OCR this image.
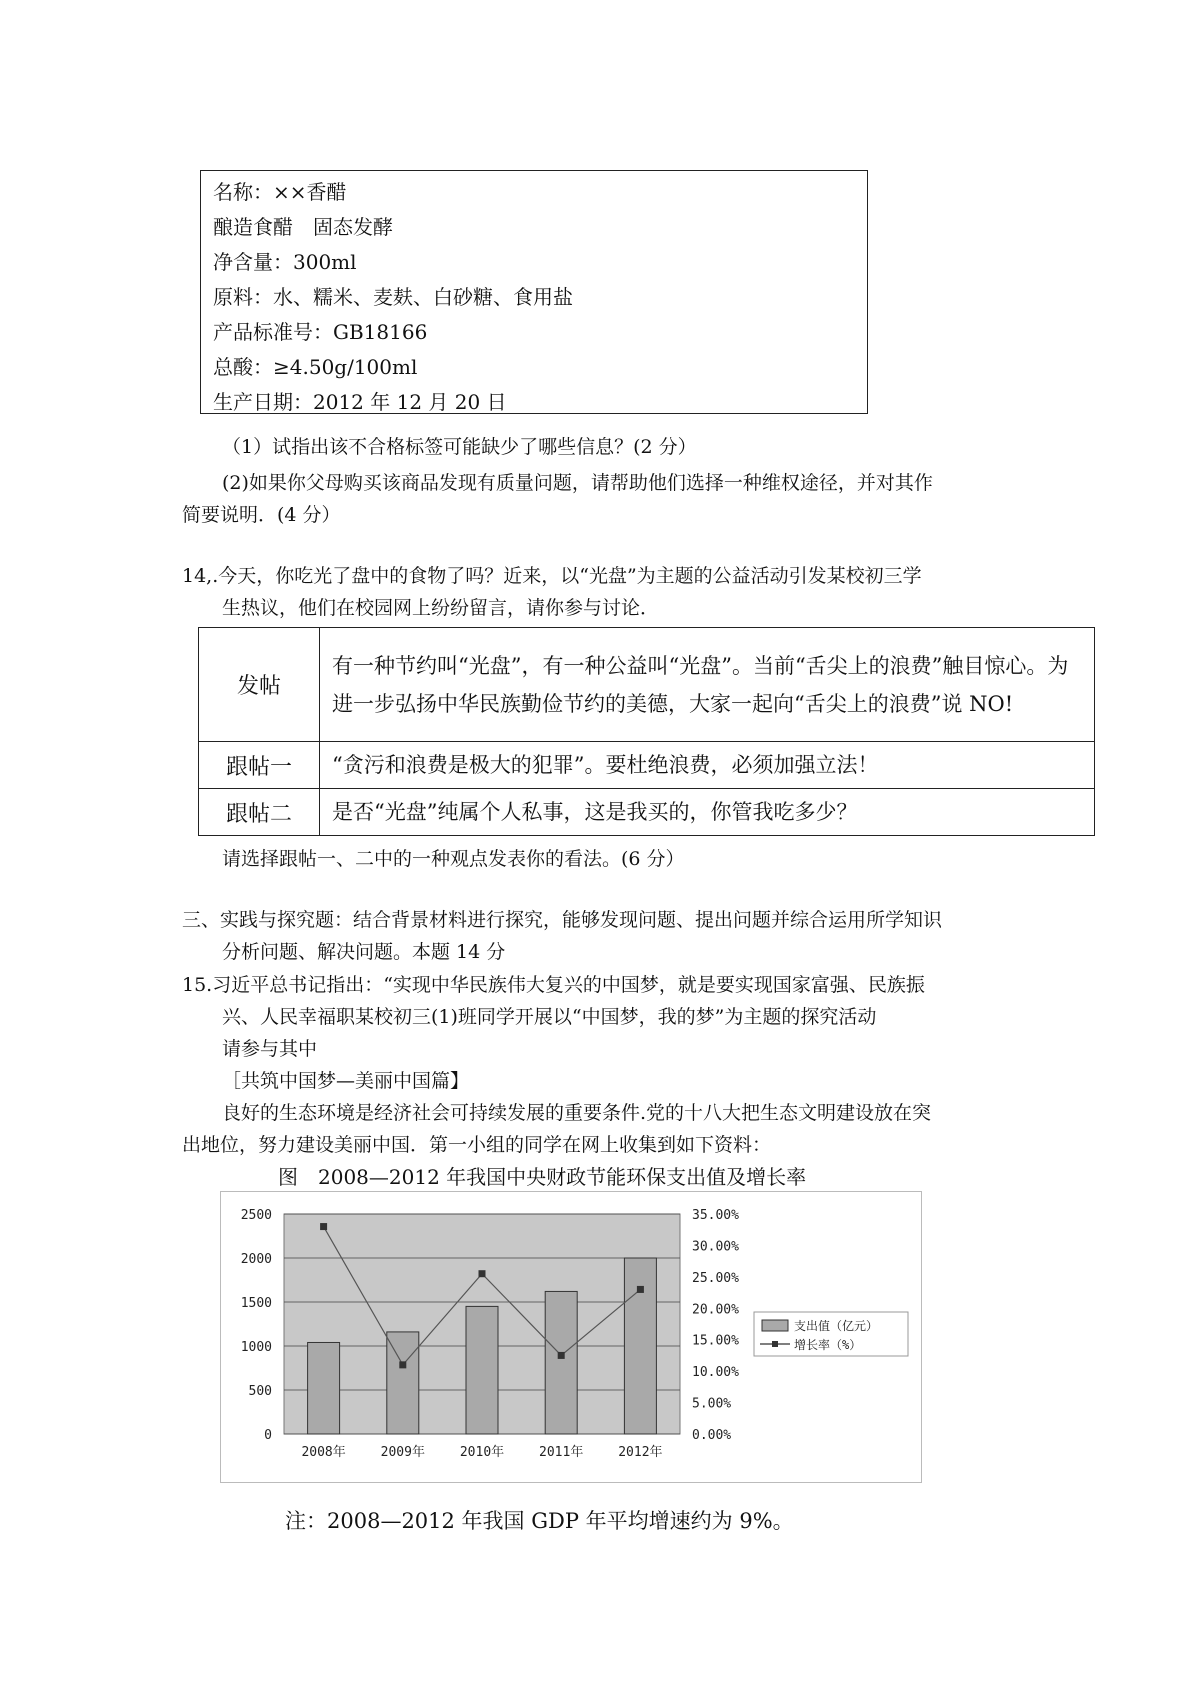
名称：××香醋
酿造食醋　固态发酵
净含量：300ml
原料：水、糯米、麦麸、白砂糖、食用盐
产品标准号：GB18166
总酸：≥4.50g/100ml
生产日期：2012 年 12 月 20 日
（1）试指出该不合格标签可能缺少了哪些信息？(2 分）
(2)如果你父母购买该商品发现有质量问题，请帮助他们选择一种维权途径，并对其作
简要说明．(4 分）
14,.今天，你吃光了盘中的食物了吗？近来，以“光盘”为主题的公益活动引发某校初三学
生热议，他们在校园网上纷纷留言，请你参与讨论．
发帖	有一种节约叫“光盘”，有一种公益叫“光盘”。当前“舌尖上的浪费”触目惊心。为进一步弘扬中华民族勤俭节约的美德，大家一起向“舌尖上的浪费”说 NO!
跟帖一	“贪污和浪费是极大的犯罪”。要杜绝浪费，必须加强立法！
跟帖二	是否“光盘”纯属个人私事，这是我买的，你管我吃多少？
请选择跟帖一、二中的一种观点发表你的看法。(6 分）
三、实践与探究题：结合背景材料进行探究，能够发现问题、提出问题并综合运用所学知识
分析问题、解决问题。本题 14 分
15.习近平总书记指出：“实现中华民族伟大复兴的中国梦，就是要实现国家富强、民族振
兴、人民幸福职某校初三(1)班同学开展以“中国梦，我的梦”为主题的探究活动
请参与其中
［共筑中国梦—美丽中国篇】
良好的生态环境是经济社会可持续发展的重要条件.党的十八大把生态文明建设放在突
出地位，努力建设美丽中国．第一小组的同学在网上收集到如下资料：
图　2008—2012 年我国中央财政节能环保支出值及增长率
0
500
1000
1500
2000
2500
0.00%
5.00%
10.00%
15.00%
20.00%
25.00%
30.00%
35.00%
2008年	2009年	2010年	2011年	2012年
支出值（亿元）
增长率（%）
注：2008—2012 年我国 GDP 年平均增速约为 9%。
